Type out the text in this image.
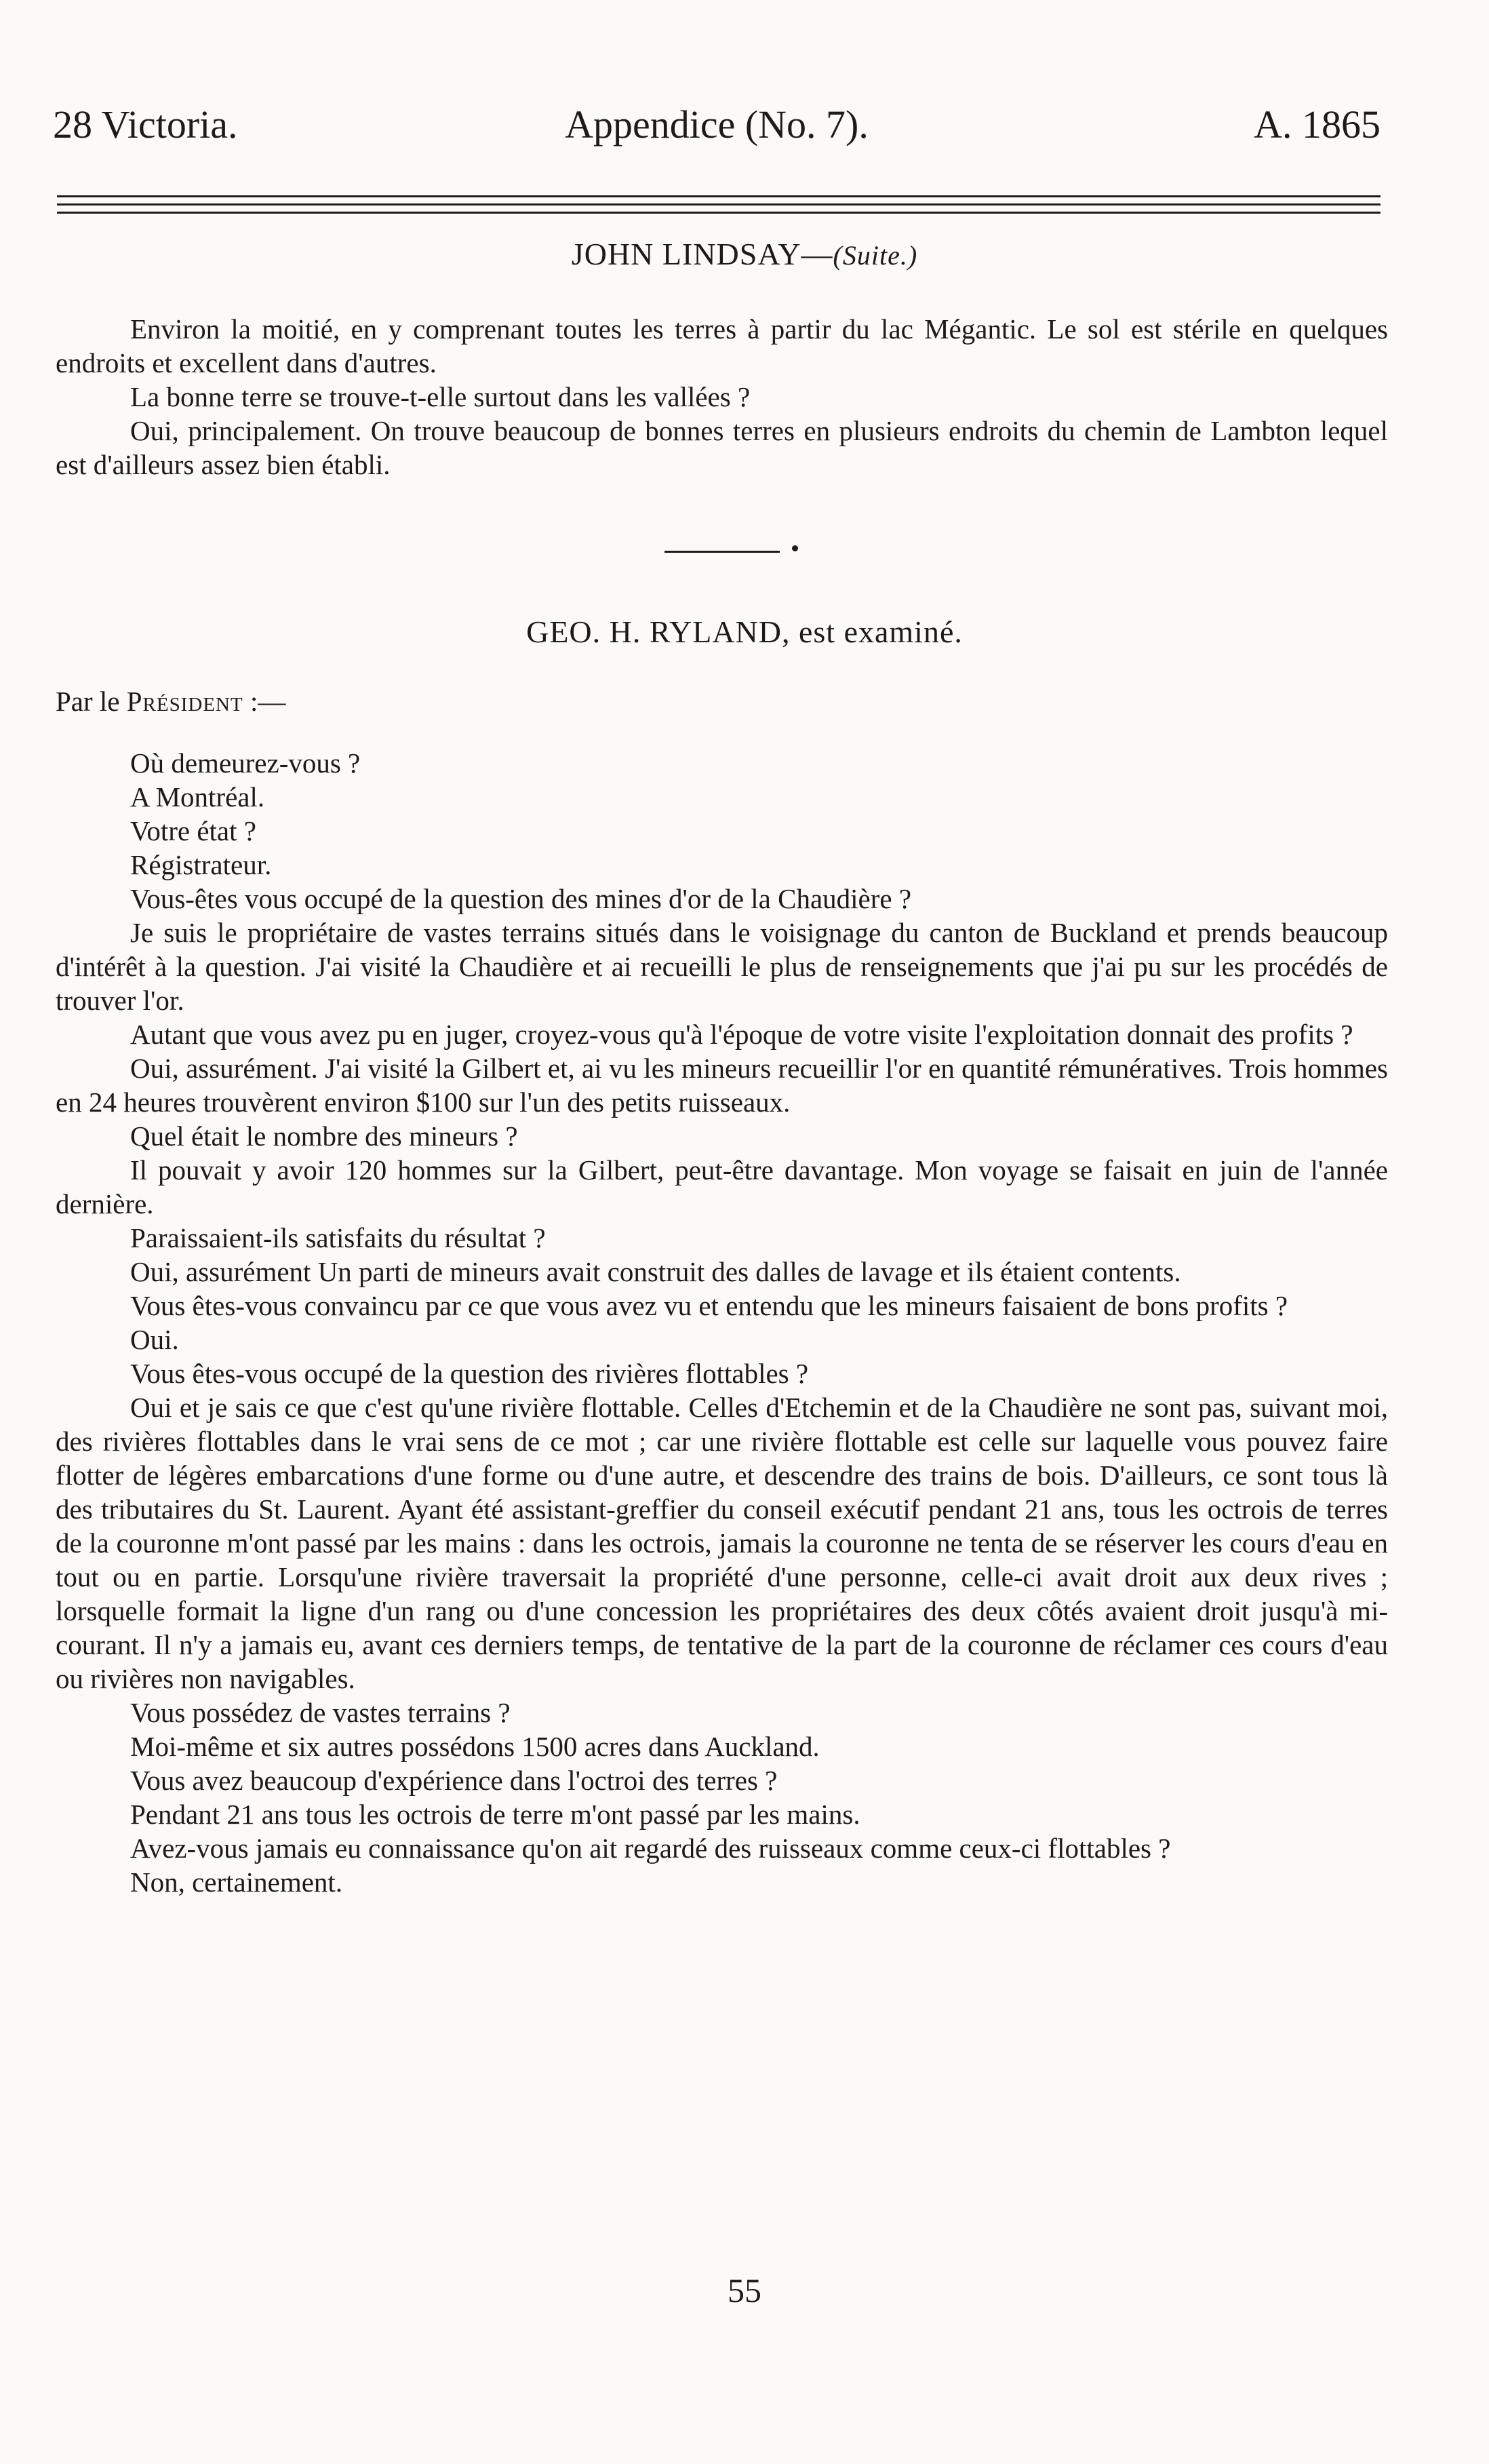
28 Victoria.	A. 1865
Appendice (No. 7).
JOHN LINDSAY—(Suite.)

Environ la moitié, en y comprenant toutes les terres à partir du lac Mégantic. Le sol est stérile en quelques endroits et excellent dans d'autres.

La bonne terre se trouve-t-elle surtout dans les vallées ?

Oui, principalement. On trouve beaucoup de bonnes terres en plusieurs endroits du chemin de Lambton lequel est d'ailleurs assez bien établi.

GEO. H. RYLAND, est examiné.
Par le Président :—

Où demeurez-vous ?

A Montréal.

Votre état ?

Régistrateur.

Vous-êtes vous occupé de la question des mines d'or de la Chaudière ?

Je suis le propriétaire de vastes terrains situés dans le voisignage du canton de Buckland et prends beaucoup d'intérêt à la question. J'ai visité la Chaudière et ai recueilli le plus de renseignements que j'ai pu sur les procédés de trouver l'or.

Autant que vous avez pu en juger, croyez-vous qu'à l'époque de votre visite l'exploitation donnait des profits ?

Oui, assurément. J'ai visité la Gilbert et, ai vu les mineurs recueillir l'or en quantité rémunératives. Trois hommes en 24 heures trouvèrent environ $100 sur l'un des petits ruisseaux.

Quel était le nombre des mineurs ?

Il pouvait y avoir 120 hommes sur la Gilbert, peut-être davantage. Mon voyage se faisait en juin de l'année dernière.

Paraissaient-ils satisfaits du résultat ?

Oui, assurément Un parti de mineurs avait construit des dalles de lavage et ils étaient contents.

Vous êtes-vous convaincu par ce que vous avez vu et entendu que les mineurs faisaient de bons profits ?

Oui.

Vous êtes-vous occupé de la question des rivières flottables ?

Oui et je sais ce que c'est qu'une rivière flottable. Celles d'Etchemin et de la Chaudière ne sont pas, suivant moi, des rivières flottables dans le vrai sens de ce mot ; car une rivière flottable est celle sur laquelle vous pouvez faire flotter de légères embarcations d'une forme ou d'une autre, et descendre des trains de bois. D'ailleurs, ce sont tous là des tributaires du St. Laurent. Ayant été assistant-greffier du conseil exécutif pendant 21 ans, tous les octrois de terres de la couronne m'ont passé par les mains : dans les octrois, jamais la couronne ne tenta de se réserver les cours d'eau en tout ou en partie. Lorsqu'une rivière traversait la propriété d'une personne, celle-ci avait droit aux deux rives ; lorsquelle formait la ligne d'un rang ou d'une concession les propriétaires des deux côtés avaient droit jusqu'à mi-courant. Il n'y a jamais eu, avant ces derniers temps, de tentative de la part de la couronne de réclamer ces cours d'eau ou rivières non navigables.

Vous possédez de vastes terrains ?

Moi-même et six autres possédons 1500 acres dans Auckland.

Vous avez beaucoup d'expérience dans l'octroi des terres ?

Pendant 21 ans tous les octrois de terre m'ont passé par les mains.

Avez-vous jamais eu connaissance qu'on ait regardé des ruisseaux comme ceux-ci flottables ?

Non, certainement.

55
